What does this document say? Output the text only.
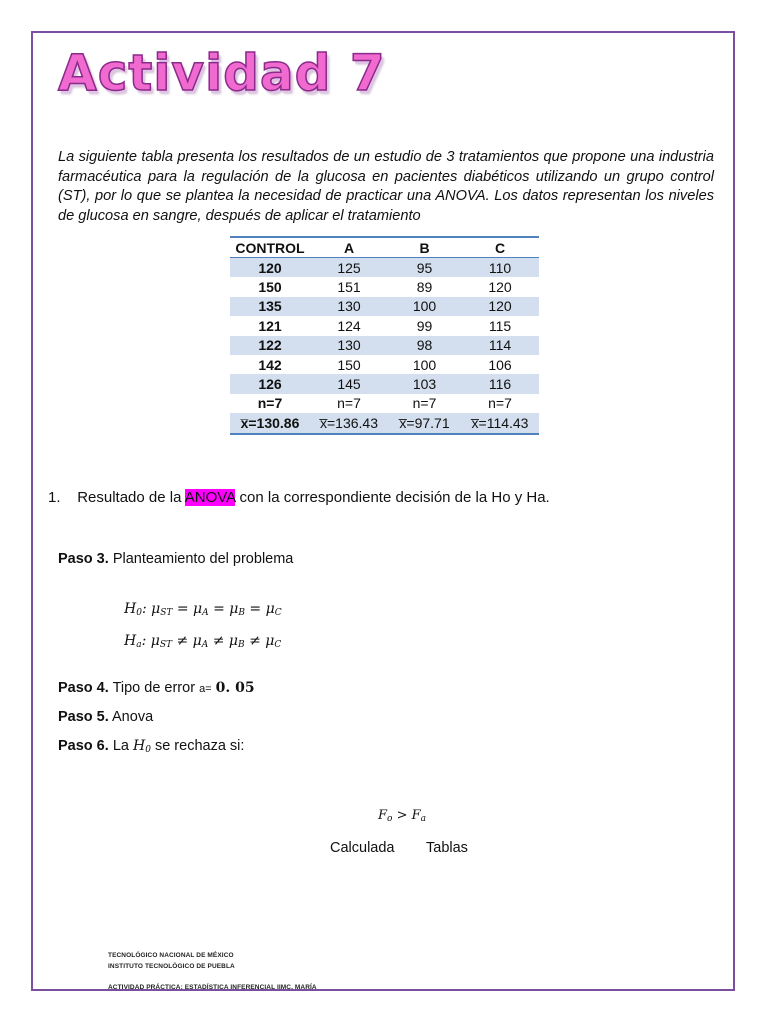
Actividad 7

La siguiente tabla presenta los resultados de un estudio de 3 tratamientos que propone una industria farmacéutica para la regulación de la glucosa en pacientes diabéticos utilizando un grupo control (ST), por lo que se plantea la necesidad de practicar una ANOVA. Los datos representan los niveles de glucosa en sangre, después de aplicar el tratamiento

CONTROL	A	B	C
120	125	95	110
150	151	89	120
135	130	100	120
121	124	99	115
122	130	98	114
142	150	100	106
126	145	103	116
n=7	n=7	n=7	n=7
x̅=130.86	x̅=136.43	x̅=97.71	x̅=114.43
1. Resultado de la ANOVA con la correspondiente decisión de la Ho y Ha.
Paso 3. Planteamiento del problema
$H_0$: $\mu_{ST} = \mu_A = \mu_B = \mu_C$
$H_a$: $\mu_{ST} \ne \mu_A \ne \mu_B \ne \mu_C$
Paso 4. Tipo de error a= 0. 05
Paso 5. Anova
Paso 6. La $H_0$ se rechaza si:
$F_o > F_a$
Calculada Tablas
TECNOLÓGICO NACIONAL DE MÉXICO
INSTITUTO TECNOLÓGICO DE PUEBLA
ACTIVIDAD PRÁCTICA: ESTADÍSTICA INFERENCIAL IIMC. MARÍA
